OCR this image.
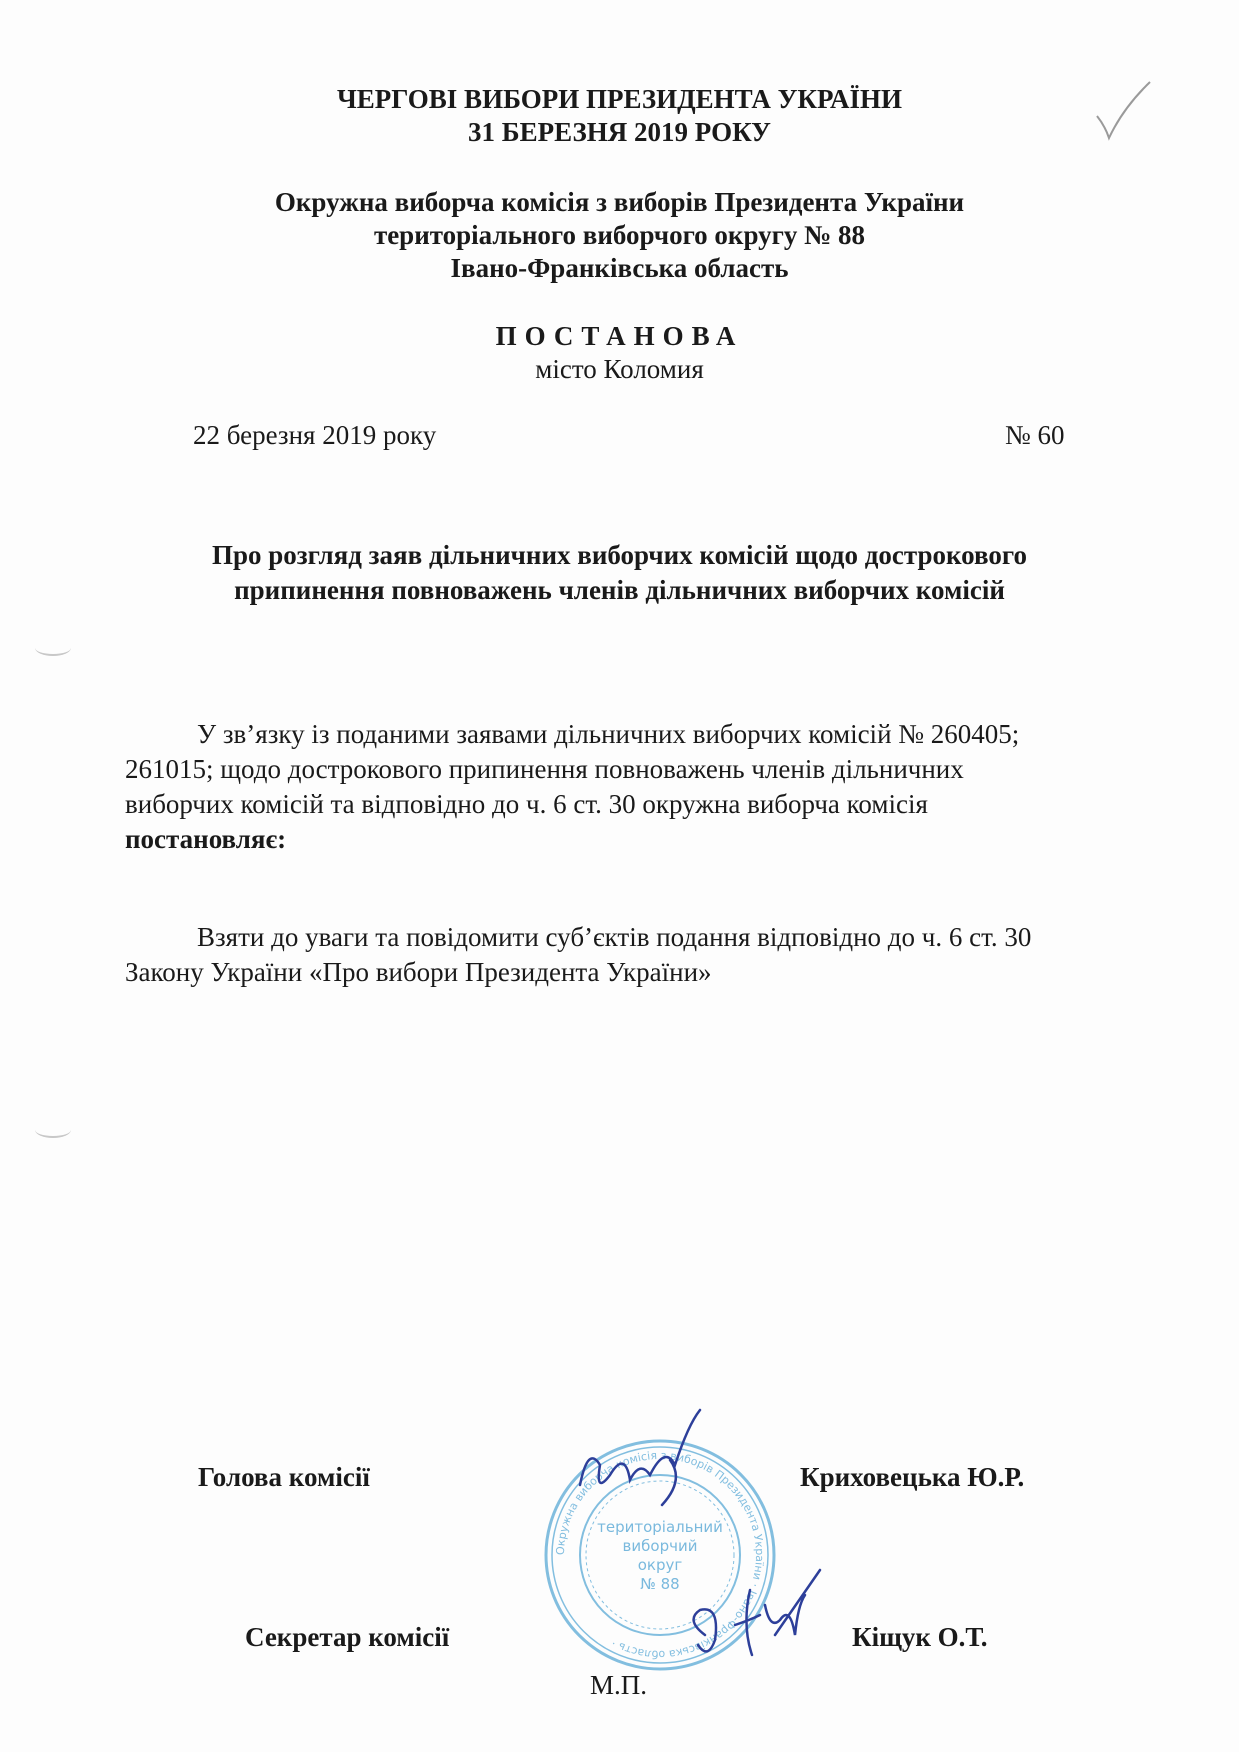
ЧЕРГОВІ ВИБОРИ ПРЕЗИДЕНТА УКРАЇНИ
31 БЕРЕЗНЯ 2019 РОКУ
Окружна виборча комісія з виборів Президента України
територіального виборчого округу № 88
Івано-Франківська область
ПОСТАНОВА
місто Коломия
22 березня 2019 року	№ 60
Про розгляд заяв дільничних виборчих комісій щодо дострокового
припинення повноважень членів дільничних виборчих комісій
У зв’язку із поданими заявами дільничних виборчих комісій № 260405;
261015; щодо дострокового припинення повноважень членів дільничних
виборчих комісій та відповідно до ч. 6 ст. 30 окружна виборча комісія
постановляє:
Взяти до уваги та повідомити суб’єктів подання відповідно до ч. 6 ст. 30
Закону України «Про вибори Президента України»
Голова комісії	Криховецька Ю.Р.
Секретар комісії	Кіщук О.Т.
М.П.
Окружна виборча комісія з виборів Президента України · Івано-Франківська область ·
територіальний
виборчий
округ
№ 88
